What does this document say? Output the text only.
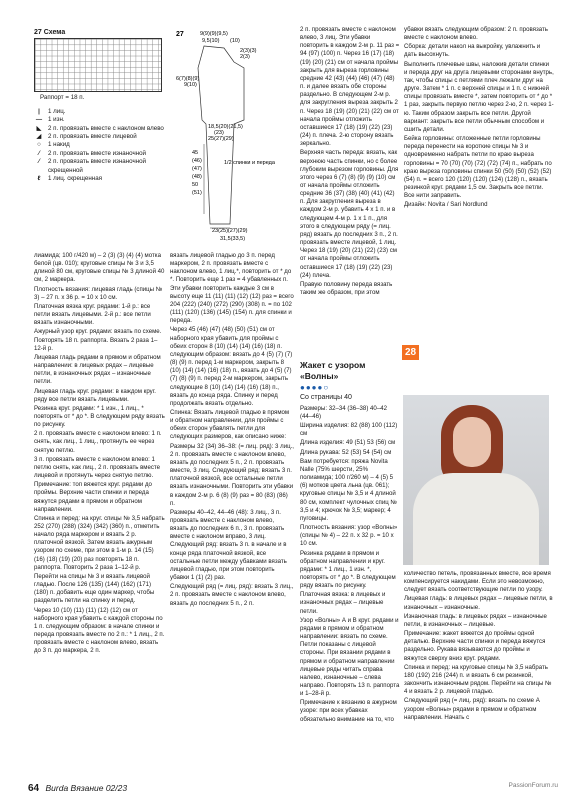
27 Схема
Раппорт = 18 п.
|	1 лиц.
— 1 изн.
◣	2 п. провязать вместе с наклоном влево
◢	2 п. провязать вместе лицевой
○	1 накид
⁄	2 п. провязать вместе изнаночной
⁄	2 п. провязать вместе изнаночной скрещенной
ℓ	1 лиц. скрещенная
27	9(9)(9)(9,5)
9,5(10) (10)
2(3)(3)
2(3)
6(7)(8)(9)
9(10)
18,5(20)(21,5)
(23)
25(27)(29)
45
(46)
(47)
(48)
50
(51)
1/2 спинки и переда
23(25)(27)(29)
31,5(33,5)

лиамида; 100 г/420 м) – 2 (3) (3) (4) (4) мотка белой (цв. 010); круговые спицы № 3 и 3,5 длиной 80 см, круговые спицы № 3 длиной 40 см, 2 маркера.

Плотность вязания: лицевая гладь (спицы № 3) – 27 п. х 36 р. = 10 х 10 см.

Платочная вязка круг. рядами: 1-й р.: все петли вязать лицевыми. 2-й р.: все петли вязать изнаночными.

Ажурный узор круг. рядами: вязать по схеме. Повторять 18 п. раппорта. Вязать 2 раза 1–12-й р.

Лицевая гладь рядами в прямом и обратном направлении: в лицевых рядах – лицевые петли, в изнаночных рядах – изнаночные петли.

Лицевая гладь круг. рядами: в каждом круг. ряду все петли вязать лицевыми.

Резинка круг. рядами: * 1 изн., 1 лиц., * повторять от * до *. В следующем ряду вязать по рисунку.

2 п. провязать вместе с наклоном влево: 1 п. снять, как лиц., 1 лиц., протянуть ее через снятую петлю.

3 п. провязать вместе с наклоном влево: 1 петлю снять, как лиц., 2 п. провязать вместе лицевой и протянуть через снятую петлю.

Примечание: топ вяжется круг. рядами до проймы. Верхние части спинки и переда вяжутся рядами в прямом и обратном направлении.

Спинка и перед: на круг. спицы № 3,5 набрать 252 (270) (288) (324) (342) (360) п., отметить начало ряда маркером и вязать 2 р. платочной вязкой. Затем вязать ажурным узором по схеме, при этом в 1-м р. 14 (15) (16) (18) (19) (20) раз повторять 18 п. раппорта. Повторить 2 раза 1–12-й р.

Перейти на спицы № 3 и вязать лицевой гладью. После 126 (135) (144) (162) (171) (180) п. добавить еще один маркер, чтобы разделить петли на спинку и перед.

Через 10 (10) (11) (11) (12) (12) см от наборного края убавить с каждой стороны по 1 п. следующим образом: в начале спинки и переда провязать вместе по 2 п.: * 1 лиц., 2 п. провязать вместе с наклоном влево, вязать до 3 п. до маркера, 2 п.

вязать лицевой гладью до 3 п. перед маркером, 2 п. провязать вместе с наклоном влево, 1 лиц.*, повторить от * до *. Повторить еще 1 раз = 4 убавленных п. Эти убавки повторить каждые 3 см в высоту еще 11 (11) (11) (12) (12) раз = всего 204 (222) (240) (272) (290) (308) п. = по 102 (111) (120) (136) (145) (154) п. для спинки и переда.

Через 45 (46) (47) (48) (50) (51) см от наборного края убавить для проймы с обеих сторон 8 (10) (14) (14) (16) (18) п. следующим образом: вязать до 4 (5) (7) (7) (8) (9) п. перед 1-м маркером, закрыть 8 (10) (14) (14) (16) (18) п., вязать до 4 (5) (7) (7) (8) (9) п. перед 2-м маркером, закрыть следующие 8 (10) (14) (14) (16) (18) п., вязать до конца ряда. Спинку и перед продолжать вязать отдельно.

Спинка: Вязать лицевой гладью в прямом и обратном направлении, для проймы с обеих сторон убавлять петли для следующих размеров, как описано ниже:

Размеры 32 (34) 36–38: (= лиц. ряд): 3 лиц., 2 п. провязать вместе с наклоном влево, вязать до последних 5 п., 2 п. провязать вместе, 3 лиц. Следующий ряд: вязать 3 п. платочной вязкой, все остальные петли вязать изнаночными. Повторить эти убавки в каждом 2-м р. 6 (8) (9) раз = 80 (83) (86) п.

Размеры 40–42, 44–46 (48): 3 лиц., 3 п. провязать вместе с наклоном влево, вязать до последних 6 п., 3 п. провязать вместе с наклоном вправо, 3 лиц. Следующий ряд: вязать 3 п. в начале и в конце ряда платочной вязкой, все остальные петли между убавками вязать лицевой гладью, при этом повторить убавки 1 (1) (2) раз.

Следующий ряд (= лиц. ряд): вязать 3 лиц., 2 п. провязать вместе с наклоном влево, вязать до последних 5 п., 2 п.

2 п. провязать вместе с наклоном влево, 3 лиц. Эти убавки повторить в каждом 2-м р. 11 раз = 94 (97) (100) п. Через 16 (17) (18) (19) (20) (21) см от начала проймы закрыть для выреза горловины средние 42 (43) (44) (46) (47) (48) п. и далее вязать обе стороны раздельно. В следующем 2-м р. для закругления выреза закрыть 2 п. Через 18 (19) (20) (21) (22) см от начала проймы отложить оставшиеся 17 (18) (19) (22) (23) (24) п. плеча. 2-ю сторону вязать зеркально.

Верхняя часть переда: вязать, как верхнюю часть спинки, но с более глубоким вырезом горловины. Для этого через 6 (7) (8) (9) (9) (10) см от начала проймы отложить средние 36 (37) (38) (40) (41) (42) п. Для закругления выреза в каждом 2-м р. убавить 4 х 1 п. и в следующем 4-м р. 1 х 1 п., для этого в следующем ряду (= лиц. ряд) вязать до последних 3 п., 2 п. провязать вместе лицевой, 1 лиц. Через 18 (19) (20) (21) (22) (23) см от начала проймы отложить оставшиеся 17 (18) (19) (22) (23) (24) плеча.

Правую половину переда вязать таким же образом, при этом

убавки вязать следующим образом: 2 п. провязать вместе с наклоном влево.

Сборка: детали накол на выкройку, увлажнить и дать высохнуть.

Выполнить плечевые швы, наложив детали спинки и переда друг на друга лицевыми сторонами внутрь, так, чтобы спицы с петлями плеч лежали друг на друге. Затем * 1 п. с верхней спицы и 1 п. с нижней спицы провязать вместе *, затем повторить от * до * 1 раз, закрыть первую петлю через 2-ю, 2 п. через 1-ю. Таким образом закрыть все петли. Другой вариант: закрыть все петли обычным способом и сшить детали.

Бейка горловины: отложенные петли горловины переда перенести на короткие спицы № 3 и одновременно набрать петли по краю выреза горловины = 70 (70) (70) (72) (72) (74) п., набрать по краю выреза горловины спинки 50 (50) (50) (52) (52) (54) п. = всего 120 (120) (120) (124) (128) п., вязать резинкой круг. рядами 1,5 см. Закрыть все петли. Все нити заправить.

Дизайн: Novita / Sari Nordlund

28
Жакет с узором «Волны»
●●●●○
Со страницы 40

Размеры: 32–34 (36–38) 40–42 (44–46)

Ширина изделия: 82 (88) 100 (112) см

Длина изделия: 49 (51) 53 (56) см

Длина рукава: 52 (53) 54 (54) см

Вам потребуется: пряжа Novita Nalle (75% шерсти, 25% полиамида; 100 г/260 м) – 4 (5) 5 (6) мотков цвета льна (цв. 061); круговые спицы № 3,5 и 4 длиной 80 см, комплект чулочных спиц № 3,5 и 4; крючок № 3,5; маркер; 4 пуговицы.

Плотность вязания: узор «Волны» (спицы № 4) – 22 п. х 32 р. = 10 х 10 см.

Резинка рядами в прямом и обратном направлении и круг. рядами: * 1 лиц., 1 изн. *, повторять от * до *. В следующем ряду вязать по рисунку.

Платочная вязка: в лицевых и изнаночных рядах – лицевые петли.

Узор «Волны» А и В круг. рядами и рядами в прямом и обратном направлении: вязать по схеме. Петли показаны с лицевой стороны. При вязании рядами в прямом и обратном направлении лицевые ряды читать справа налево, изнаночные – слева направо. Повторять 13 п. раппорта и 1–28-й р.

Примечание к вязанию в ажурном узоре: при всех убавках обязательно внимание на то, что

количество петель, провязанных вместе, все время компенсируется накидами. Если это невозможно, следует вязать соответствующие петли по узору.

Лицевая гладь: в лицевых рядах – лицевые петли, в изнаночных – изнаночные.

Изнаночная гладь: в лицевых рядах – изнаночные петли, в изнаночных – лицевые.

Примечание: жакет вяжется до проймы одной деталью. Верхние части спинки и переда вяжутся раздельно. Рукава вязываются до проймы и вяжутся сверху вниз круг. рядами.

Спинка и перед: на круговые спицы № 3,5 набрать 180 (192) 216 (244) п. и вязать 6 см резинкой, закончить изнаночным рядом. Перейти на спицы № 4 и вязать 2 р. лицевой гладью.

Следующий ряд (= лиц. ряд): вязать по схеме А узором «Волны» рядами в прямом и обратном направлении. Начать с

64 Burda Вязание 02/23	PassionForum.ru
